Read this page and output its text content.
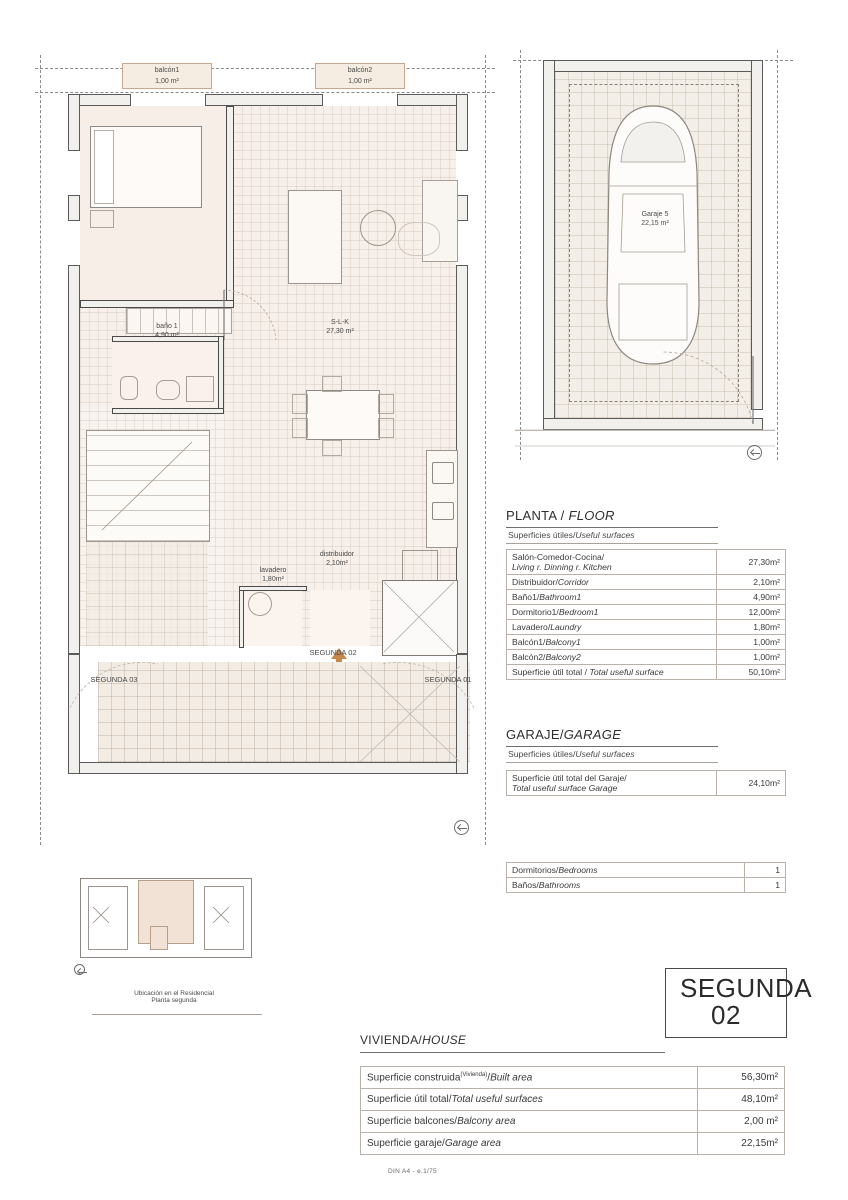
balcón1
1,00 m²
balcón2
1,00 m²
S-L-K
27,30 m²
baño 1
4,90 m²
lavadero
1,80m²
distribuidor
2,10m²
SEGUNDA 03
SEGUNDA 02
SEGUNDA 01
Garaje 5
22,15 m²
PLANTA / FLOOR
Superficies útiles/Useful surfaces
Salón-Comedor-Cocina/
Living r. Dinning r. Kitchen	27,30m²
Distribuidor/Corridor	2,10m²
Baño1/Bathroom1	4,90m²
Dormitorio1/Bedroom1	12,00m²
Lavadero/Laundry	1,80m²
Balcón1/Balcony1	1,00m²
Balcón2/Balcony2	1,00m²
Superficie útil total / Total useful surface	50,10m²
GARAJE/GARAGE
Superficies útiles/Useful surfaces
Superficie útil total del Garaje/
Total useful surface Garage	24,10m²
Dormitorios/Bedrooms	1
Baños/Bathrooms	1
SEGUNDA
02
Ubicación en el Residencial
Planta segunda
VIVIENDA/HOUSE
Superficie construida$^{(Vivienda)}$/Built area	56,30m²
Superficie útil total/Total useful surfaces	48,10m²
Superficie balcones/Balcony area	2,00 m²
Superficie garaje/Garage area	22,15m²
DIN A4 - e.1/75
